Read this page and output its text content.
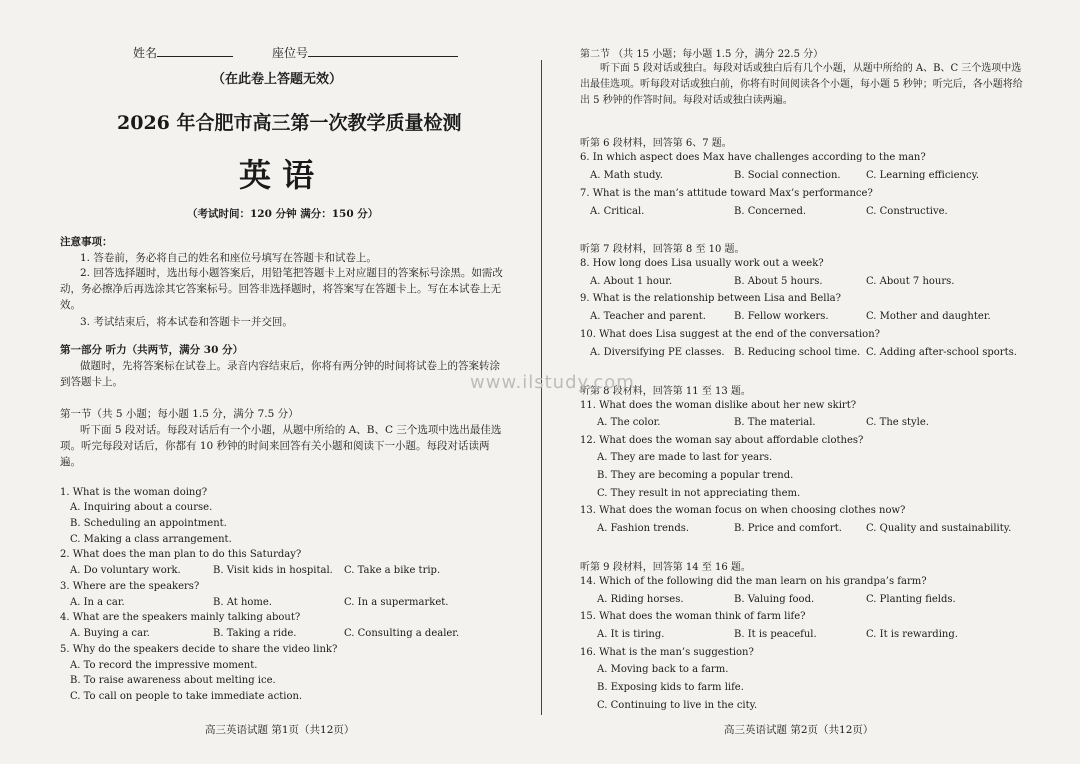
姓名	座位号
（在此卷上答题无效）
2026 年合肥市高三第一次教学质量检测
英 语
（考试时间：120 分钟 满分：150 分）
注意事项：
1. 答卷前，务必将自己的姓名和座位号填写在答题卡和试卷上。
2. 回答选择题时，选出每小题答案后，用铅笔把答题卡上对应题目的答案标号涂黑。如需改动，务必擦净后再选涂其它答案标号。回答非选择题时，将答案写在答题卡上。写在本试卷上无效。
3. 考试结束后，将本试卷和答题卡一并交回。
第一部分 听力（共两节，满分 30 分）
做题时，先将答案标在试卷上。录音内容结束后，你将有两分钟的时间将试卷上的答案转涂到答题卡上。
第一节（共 5 小题；每小题 1.5 分，满分 7.5 分）
听下面 5 段对话。每段对话后有一个小题，从题中所给的 A、B、C 三个选项中选出最佳选项。听完每段对话后，你都有 10 秒钟的时间来回答有关小题和阅读下一小题。每段对话读两遍。
1. What is the woman doing?
A. Inquiring about a course.
B. Scheduling an appointment.
C. Making a class arrangement.
2. What does the man plan to do this Saturday?
A. Do voluntary work.	B. Visit kids in hospital. C. Take a bike trip.
3. Where are the speakers?
A. In a car.	B. At home.	C. In a supermarket.
4. What are the speakers mainly talking about?
A. Buying a car.	B. Taking a ride.	C. Consulting a dealer.
5. Why do the speakers decide to share the video link?
A. To record the impressive moment.
B. To raise awareness about melting ice.
C. To call on people to take immediate action.
高三英语试题 第1页（共12页）
第二节 （共 15 小题；每小题 1.5 分，满分 22.5 分）
听下面 5 段对话或独白。每段对话或独白后有几个小题，从题中所给的 A、B、C 三个选项中选出最佳选项。听每段对话或独白前，你将有时间阅读各个小题，每小题 5 秒钟；听完后，各小题将给出 5 秒钟的作答时间。每段对话或独白读两遍。
听第 6 段材料，回答第 6、7 题。
6. In which aspect does Max have challenges according to the man?
A. Math study.	B. Social connection.	C. Learning efficiency.
7. What is the man’s attitude toward Max’s performance?
A. Critical.	B. Concerned.	C. Constructive.
听第 7 段材料，回答第 8 至 10 题。
8. How long does Lisa usually work out a week?
A. About 1 hour.	B. About 5 hours.	C. About 7 hours.
9. What is the relationship between Lisa and Bella?
A. Teacher and parent.	B. Fellow workers.	C. Mother and daughter.
10. What does Lisa suggest at the end of the conversation?
A. Diversifying PE classes. B. Reducing school time. C. Adding after-school sports.
听第 8 段材料，回答第 11 至 13 题。
11. What does the woman dislike about her new skirt?
A. The color.	B. The material.	C. The style.
12. What does the woman say about affordable clothes?
A. They are made to last for years.
B. They are becoming a popular trend.
C. They result in not appreciating them.
13. What does the woman focus on when choosing clothes now?
A. Fashion trends.	B. Price and comfort. C. Quality and sustainability.
听第 9 段材料，回答第 14 至 16 题。
14. Which of the following did the man learn on his grandpa’s farm?
A. Riding horses.	B. Valuing food.	C. Planting fields.
15. What does the woman think of farm life?
A. It is tiring.	B. It is peaceful.	C. It is rewarding.
16. What is the man’s suggestion?
A. Moving back to a farm.
B. Exposing kids to farm life.
C. Continuing to live in the city.
高三英语试题 第2页（共12页）
www.ilstudy.com
